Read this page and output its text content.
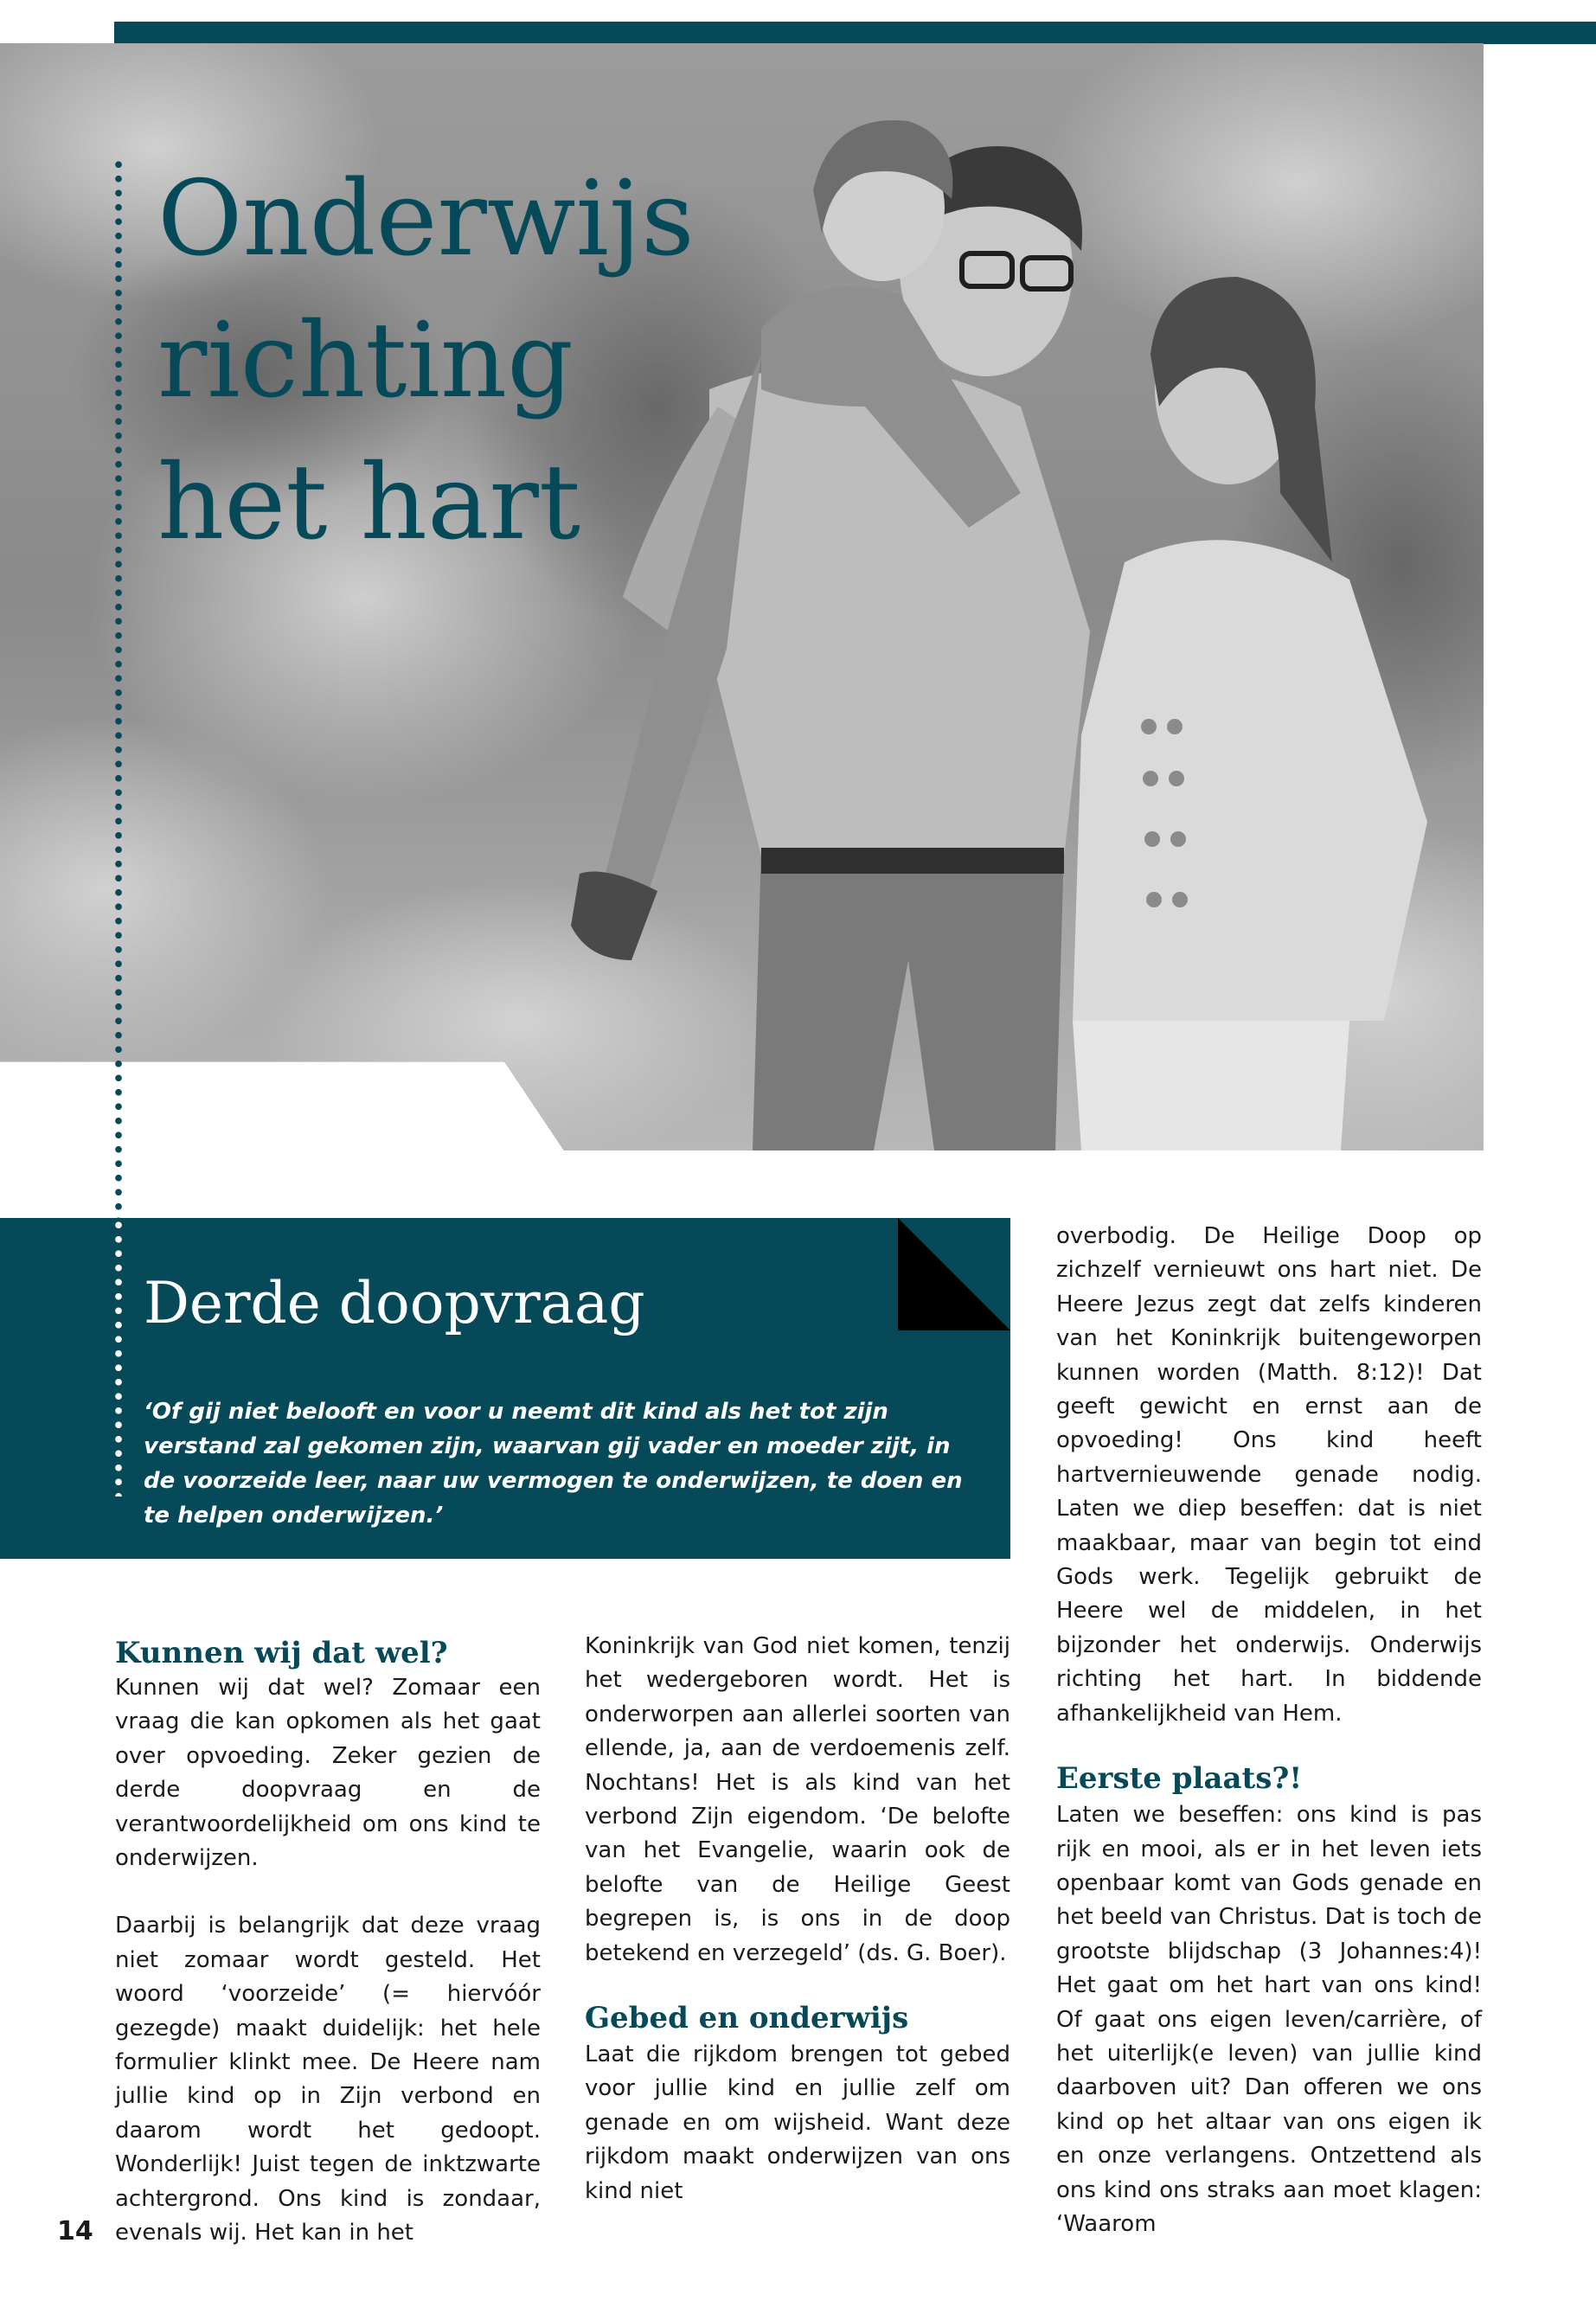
Onderwijs
richting
het hart
Derde doopvraag

‘Of gij niet belooft en voor u neemt dit kind als het tot zijn verstand zal gekomen zijn, waarvan gij vader en moeder zijt, in de voorzeide leer, naar uw vermogen te onderwijzen, te doen en te helpen onderwijzen.’

Kunnen wij dat wel?

Kunnen wij dat wel? Zomaar een vraag die kan opkomen als het gaat over opvoeding. Zeker gezien de derde doopvraag en de verantwoordelijkheid om ons kind te onderwijzen.

Daarbij is belangrijk dat deze vraag niet zomaar wordt gesteld. Het woord ‘voorzeide’ (= hiervóór gezegde) maakt duidelijk: het hele formulier klinkt mee. De Heere nam jullie kind op in Zijn verbond en daarom wordt het gedoopt. Wonderlijk! Juist tegen de inktzwarte achtergrond. Ons kind is zondaar, evenals wij. Het kan in het

Koninkrijk van God niet komen, tenzij het wedergeboren wordt. Het is onderworpen aan allerlei soorten van ellende, ja, aan de verdoemenis zelf. Nochtans! Het is als kind van het verbond Zijn eigendom. ‘De belofte van het Evangelie, waarin ook de belofte van de Heilige Geest begrepen is, is ons in de doop betekend en verzegeld’ (ds. G. Boer).

Gebed en onderwijs

Laat die rijkdom brengen tot gebed voor jullie kind en jullie zelf om genade en om wijsheid. Want deze rijkdom maakt onderwijzen van ons kind niet

overbodig. De Heilige Doop op zichzelf vernieuwt ons hart niet. De Heere Jezus zegt dat zelfs kinderen van het Koninkrijk buitengeworpen kunnen worden (Matth. 8:12)! Dat geeft gewicht en ernst aan de opvoeding! Ons kind heeft hartvernieuwende genade nodig. Laten we diep beseffen: dat is niet maakbaar, maar van begin tot eind Gods werk. Tegelijk gebruikt de Heere wel de middelen, in het bijzonder het onderwijs. Onderwijs richting het hart. In biddende afhankelijkheid van Hem.

Eerste plaats?!

Laten we beseffen: ons kind is pas rijk en mooi, als er in het leven iets openbaar komt van Gods genade en het beeld van Christus. Dat is toch de grootste blijdschap (3 Johannes:4)! Het gaat om het hart van ons kind! Of gaat ons eigen leven/carrière, of het uiterlijk(e leven) van jullie kind daarboven uit? Dan offeren we ons kind op het altaar van ons eigen ik en onze verlangens. Ontzettend als ons kind ons straks aan moet klagen: ‘Waarom

14
